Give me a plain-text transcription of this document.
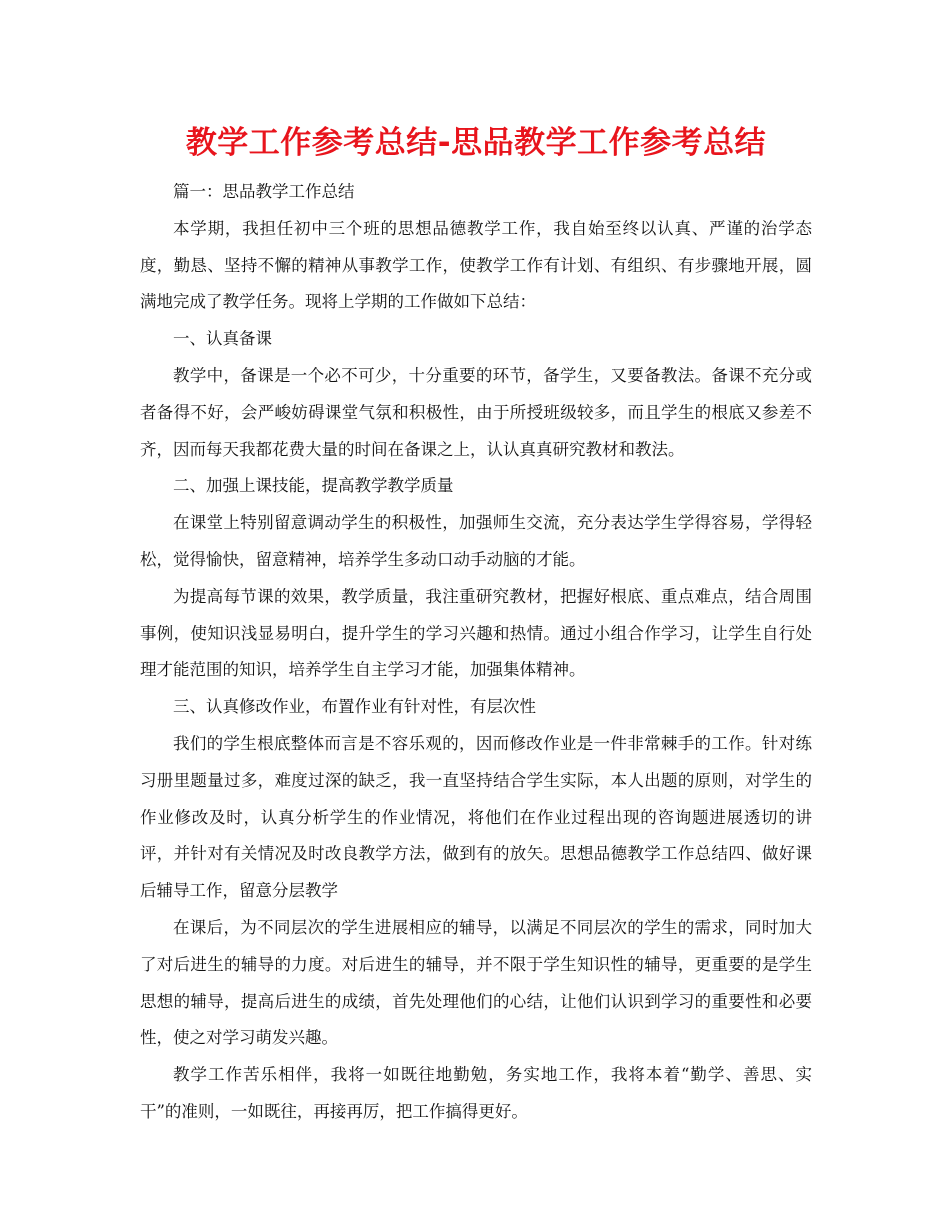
教学工作参考总结-思品教学工作参考总结

篇一：思品教学工作总结

本学期，我担任初中三个班的思想品德教学工作，我自始至终以认真、严谨的治学态度，勤恳、坚持不懈的精神从事教学工作，使教学工作有计划、有组织、有步骤地开展，圆满地完成了教学任务。现将上学期的工作做如下总结：

一、认真备课

教学中，备课是一个必不可少，十分重要的环节，备学生，又要备教法。备课不充分或者备得不好，会严峻妨碍课堂气氛和积极性，由于所授班级较多，而且学生的根底又参差不齐，因而每天我都花费大量的时间在备课之上，认认真真研究教材和教法。

二、加强上课技能，提高教学教学质量

在课堂上特别留意调动学生的积极性，加强师生交流，充分表达学生学得容易，学得轻松，觉得愉快，留意精神，培养学生多动口动手动脑的才能。

为提高每节课的效果，教学质量，我注重研究教材，把握好根底、重点难点，结合周围事例，使知识浅显易明白，提升学生的学习兴趣和热情。通过小组合作学习，让学生自行处理才能范围的知识，培养学生自主学习才能，加强集体精神。

三、认真修改作业，布置作业有针对性，有层次性

我们的学生根底整体而言是不容乐观的，因而修改作业是一件非常棘手的工作。针对练习册里题量过多，难度过深的缺乏，我一直坚持结合学生实际，本人出题的原则，对学生的作业修改及时，认真分析学生的作业情况，将他们在作业过程出现的咨询题进展透切的讲评，并针对有关情况及时改良教学方法，做到有的放矢。思想品德教学工作总结四、做好课后辅导工作，留意分层教学

在课后，为不同层次的学生进展相应的辅导，以满足不同层次的学生的需求，同时加大了对后进生的辅导的力度。对后进生的辅导，并不限于学生知识性的辅导，更重要的是学生思想的辅导，提高后进生的成绩，首先处理他们的心结，让他们认识到学习的重要性和必要性，使之对学习萌发兴趣。

教学工作苦乐相伴，我将一如既往地勤勉，务实地工作，我将本着“勤学、善思、实干”的准则，一如既往，再接再厉，把工作搞得更好。
